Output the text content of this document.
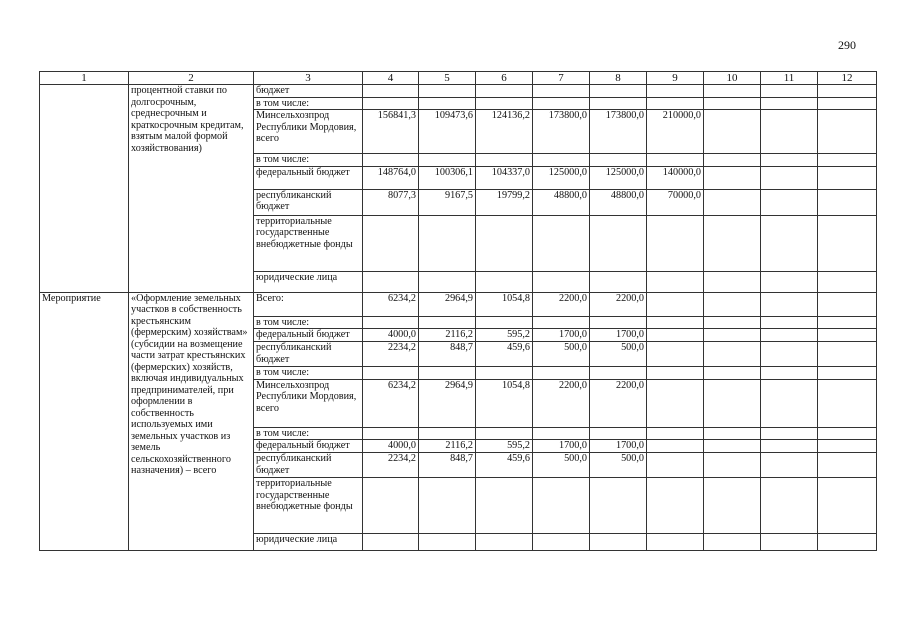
290
1	2	3	4	5	6	7	8	9	10	11	12
	процентной ставки по долгосрочным, среднесрочным и краткосрочным кредитам, взятым малой формой хозяйствования)	бюджет									
		в том числе:									
		Минсельхозпрод Республики Мордовия, всего	156841,3	109473,6	124136,2	173800,0	173800,0	210000,0			
		в том числе:									
		федеральный бюджет	148764,0	100306,1	104337,0	125000,0	125000,0	140000,0			
		республиканский бюджет	8077,3	9167,5	19799,2	48800,0	48800,0	70000,0			
		территориальные государственные внебюджетные фонды									
		юридические лица									
Мероприятие	«Оформление земельных участков в собственность крестьянским (фермерским) хозяйствам» (субсидии на возмещение части затрат крестьянских (фермерских) хозяйств, включая индивидуальных предпринимателей, при оформлении в собственность используемых ими земельных участков из земель сельскохозяйственного назначения) – всего	Всего:	6234,2	2964,9	1054,8	2200,0	2200,0				
		в том числе:									
		федеральный бюджет	4000,0	2116,2	595,2	1700,0	1700,0				
		республиканский бюджет	2234,2	848,7	459,6	500,0	500,0				
		в том числе:									
		Минсельхозпрод Республики Мордовия, всего	6234,2	2964,9	1054,8	2200,0	2200,0				
		в том числе:									
		федеральный бюджет	4000,0	2116,2	595,2	1700,0	1700,0				
		республиканский бюджет	2234,2	848,7	459,6	500,0	500,0				
		территориальные государственные внебюджетные фонды									
		юридические лица									
